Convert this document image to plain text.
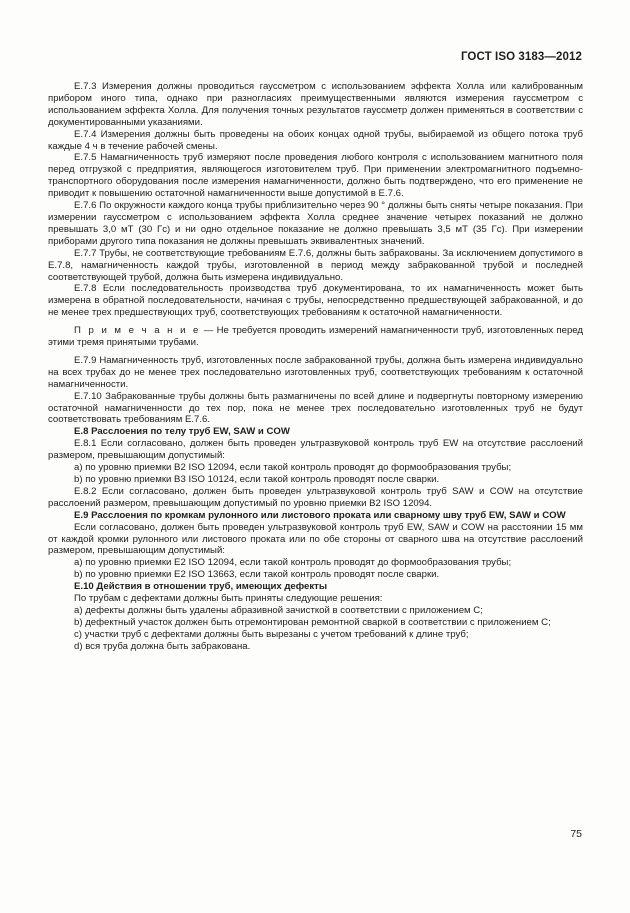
ГОСТ ISO 3183—2012

Е.7.3 Измерения должны проводиться гауссметром с использованием эффекта Холла или калиброванным прибором иного типа, однако при разногласиях преимущественными являются измерения гауссметром с использованием эффекта Холла. Для получения точных результатов гауссметр должен применяться в соответствии с документированными указаниями.

Е.7.4 Измерения должны быть проведены на обоих концах одной трубы, выбираемой из общего потока труб каждые 4 ч в течение рабочей смены.

Е.7.5 Намагниченность труб измеряют после проведения любого контроля с использованием магнитного поля перед отгрузкой с предприятия, являющегося изготовителем труб. При применении электромагнитного подъемно-транспортного оборудования после измерения намагниченности, должно быть подтверждено, что его применение не приводит к повышению остаточной намагниченности выше допустимой в Е.7.6.

Е.7.6 По окружности каждого конца трубы приблизительно через 90 ° должны быть сняты четыре показания. При измерении гауссметром с использованием эффекта Холла среднее значение четырех показаний не должно превышать 3,0 мТ (30 Гс) и ни одно отдельное показание не должно превышать 3,5 мТ (35 Гс). При измерении приборами другого типа показания не должны превышать эквивалентных значений.

Е.7.7 Трубы, не соответствующие требованиям Е.7.6, должны быть забракованы. За исключением допустимого в Е.7.8, намагниченность каждой трубы, изготовленной в период между забракованной трубой и последней соответствующей трубой, должна быть измерена индивидуально.

Е.7.8 Если последовательность производства труб документирована, то их намагниченность может быть измерена в обратной последовательности, начиная с трубы, непосредственно предшествующей забракованной, и до не менее трех предшествующих труб, соответствующих требованиям к остаточной намагниченности.

П р и м е ч а н и е — Не требуется проводить измерений намагниченности труб, изготовленных перед этими тремя принятыми трубами.

Е.7.9 Намагниченность труб, изготовленных после забракованной трубы, должна быть измерена индивидуально на всех трубах до не менее трех последовательно изготовленных труб, соответствующих требованиям к остаточной намагниченности.

Е.7.10 Забракованные трубы должны быть размагничены по всей длине и подвергнуты повторному измерению остаточной намагниченности до тех пор, пока не менее трех последовательно изготовленных труб не будут соответствовать требованиям Е.7.6.

Е.8 Расслоения по телу труб EW, SAW и COW

Е.8.1 Если согласовано, должен быть проведен ультразвуковой контроль труб EW на отсутствие расслоений размером, превышающим допустимый:

a) по уровню приемки В2 ISO 12094, если такой контроль проводят до формообразования трубы;

b) по уровню приемки В3 ISO 10124, если такой контроль проводят после сварки.

Е.8.2 Если согласовано, должен быть проведен ультразвуковой контроль труб SAW и COW на отсутствие расслоений размером, превышающим допустимый по уровню приемки В2 ISO 12094.

Е.9 Расслоения по кромкам рулонного или листового проката или сварному шву труб EW, SAW и COW

Если согласовано, должен быть проведен ультразвуковой контроль труб EW, SAW и COW на расстоянии 15 мм от каждой кромки рулонного или листового проката или по обе стороны от сварного шва на отсутствие расслоений размером, превышающим допустимый:

a) по уровню приемки Е2 ISO 12094, если такой контроль проводят до формообразования трубы;

b) по уровню приемки Е2 ISO 13663, если такой контроль проводят после сварки.

Е.10 Действия в отношении труб, имеющих дефекты

По трубам с дефектами должны быть приняты следующие решения:

a) дефекты должны быть удалены абразивной зачисткой в соответствии с приложением С;

b) дефектный участок должен быть отремонтирован ремонтной сваркой в соответствии с приложением С;

c) участки труб с дефектами должны быть вырезаны с учетом требований к длине труб;

d) вся труба должна быть забракована.

75
